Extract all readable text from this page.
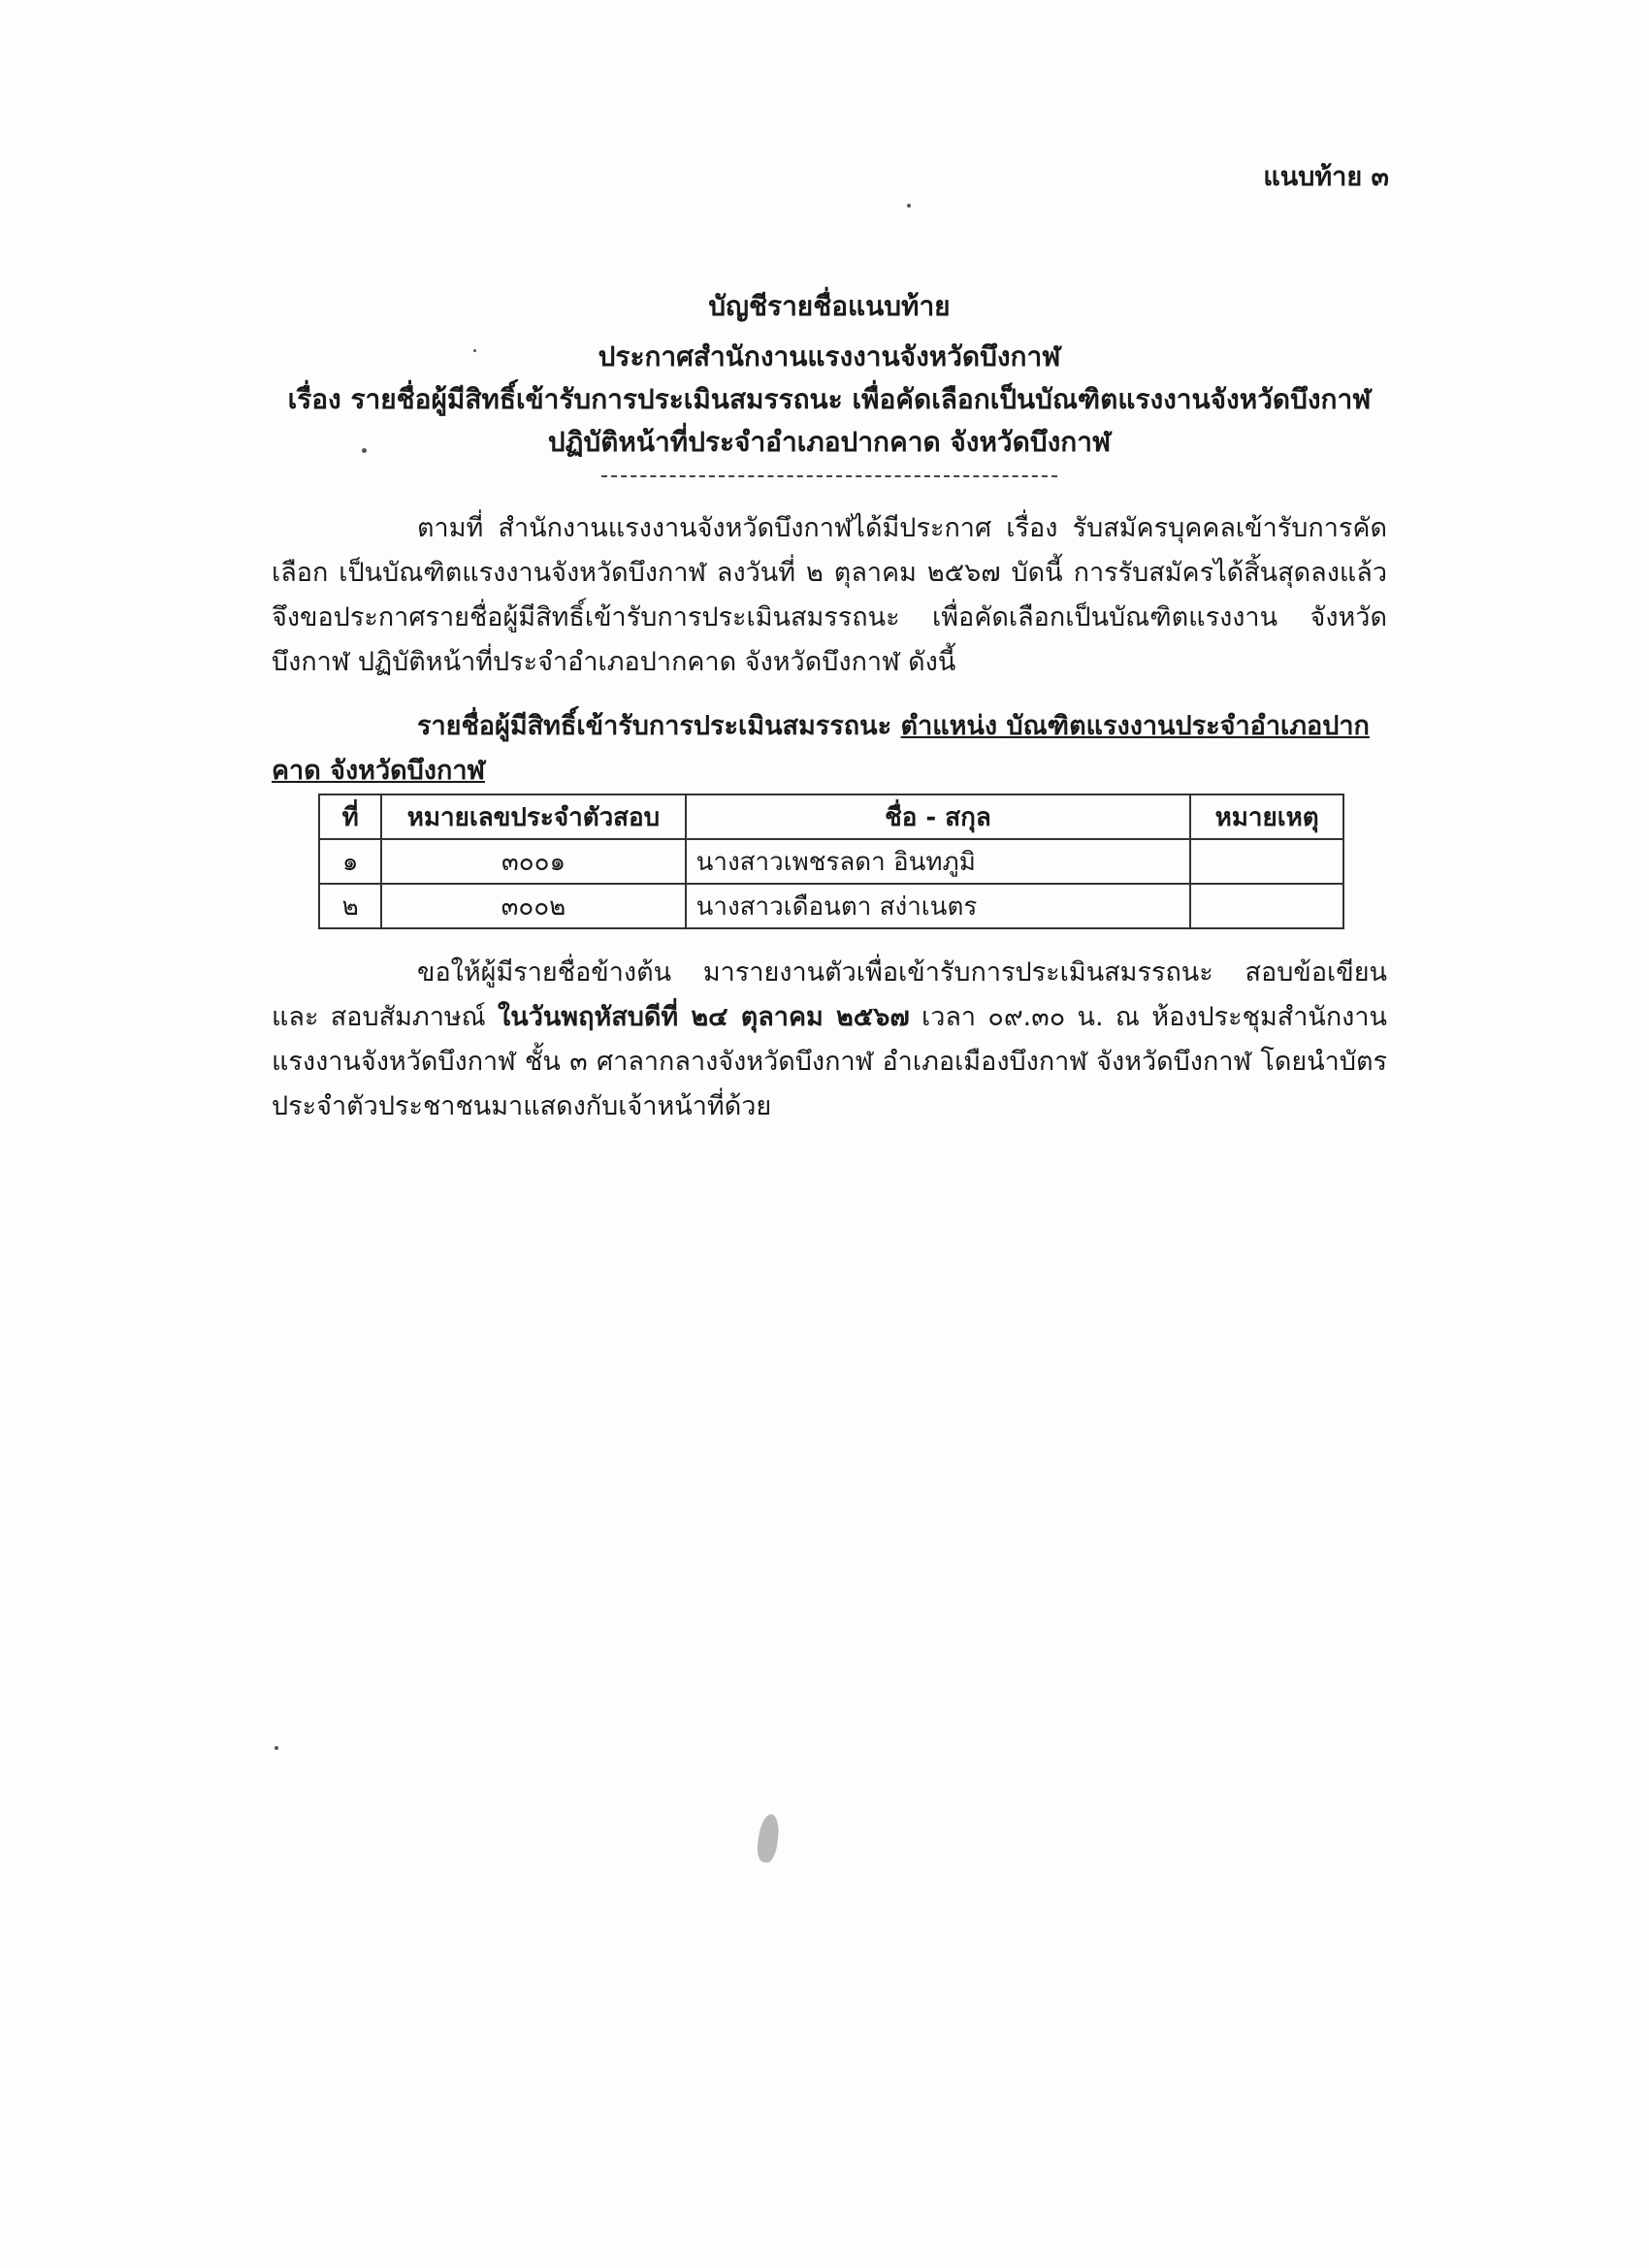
แนบท้าย ๓
บัญชีรายชื่อแนบท้าย
ประกาศสำนักงานแรงงานจังหวัดบึงกาฬ
เรื่อง รายชื่อผู้มีสิทธิ์เข้ารับการประเมินสมรรถนะ เพื่อคัดเลือกเป็นบัณฑิตแรงงานจังหวัดบึงกาฬ
ปฏิบัติหน้าที่ประจำอำเภอปากคาด จังหวัดบึงกาฬ
ตามที่ สำนักงานแรงงานจังหวัดบึงกาฬได้มีประกาศ เรื่อง รับสมัครบุคคลเข้ารับการคัดเลือก เป็นบัณฑิตแรงงานจังหวัดบึงกาฬ ลงวันที่ ๒ ตุลาคม ๒๕๖๗ บัดนี้ การรับสมัครได้สิ้นสุดลงแล้ว จึงขอประกาศรายชื่อผู้มีสิทธิ์เข้ารับการประเมินสมรรถนะ เพื่อคัดเลือกเป็นบัณฑิตแรงงาน จังหวัดบึงกาฬ ปฏิบัติหน้าที่ประจำอำเภอปากคาด จังหวัดบึงกาฬ ดังนี้
รายชื่อผู้มีสิทธิ์เข้ารับการประเมินสมรรถนะ ตำแหน่ง บัณฑิตแรงงานประจำอำเภอปากคาด จังหวัดบึงกาฬ
ที่	หมายเลขประจำตัวสอบ	ชื่อ - สกุล	หมายเหตุ
๑	๓๐๐๑	นางสาวเพชรลดา อินทภูมิ	
๒	๓๐๐๒	นางสาวเดือนตา สง่าเนตร	
ขอให้ผู้มีรายชื่อข้างต้น มารายงานตัวเพื่อเข้ารับการประเมินสมรรถนะ สอบข้อเขียน และ สอบสัมภาษณ์ ในวันพฤหัสบดีที่ ๒๔ ตุลาคม ๒๕๖๗ เวลา ๐๙.๓๐ น. ณ ห้องประชุมสำนักงานแรงงานจังหวัดบึงกาฬ ชั้น ๓ ศาลากลางจังหวัดบึงกาฬ อำเภอเมืองบึงกาฬ จังหวัดบึงกาฬ โดยนำบัตรประจำตัวประชาชนมาแสดงกับเจ้าหน้าที่ด้วย
